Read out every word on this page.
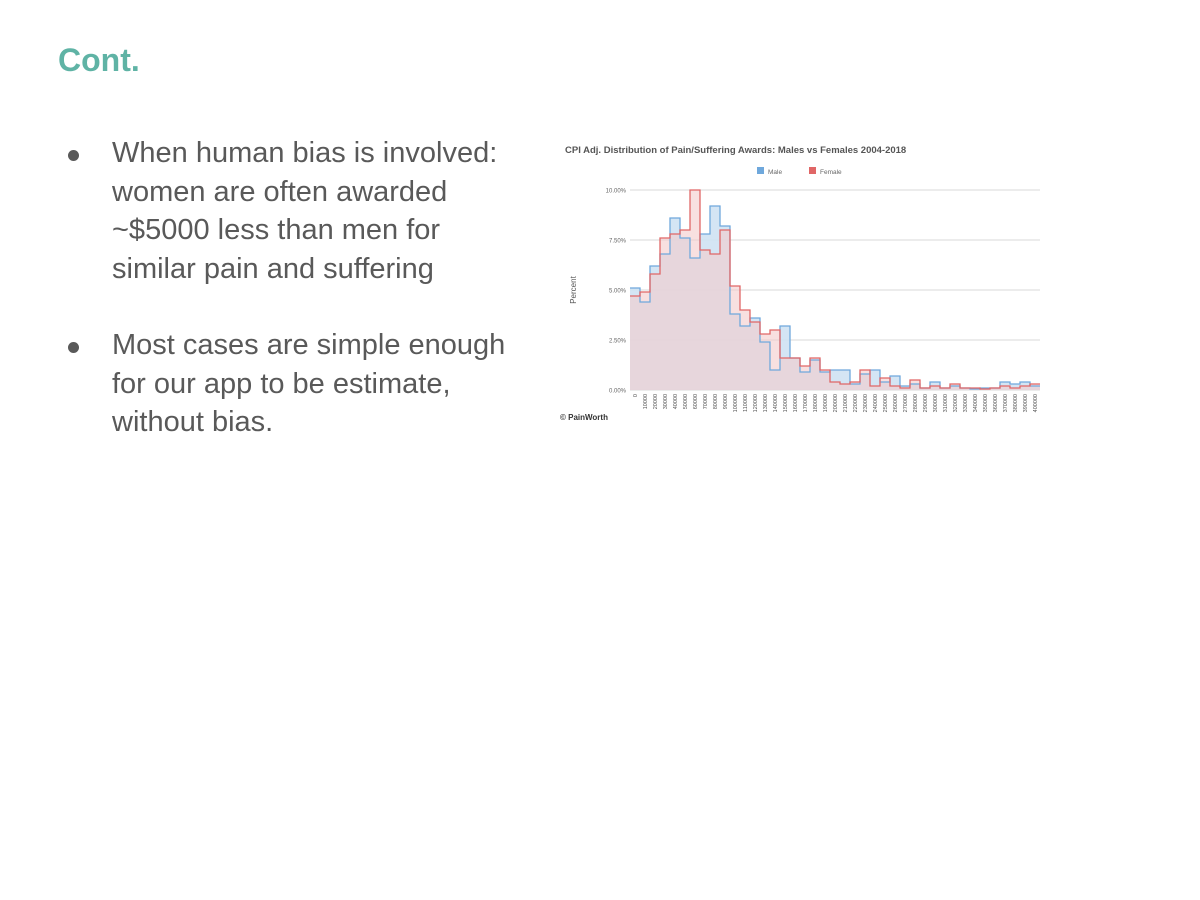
Cont.
When human bias is involved: women are often awarded ~$5000 less than men for similar pain and suffering
Most cases are simple enough for our app to be estimate, without bias.
CPI Adj. Distribution of Pain/Suffering Awards: Males vs Females 2004-2018
Male	Female
0.00%
2.50%
5.00%
7.50%
10.00%
Percent
0 10000 20000 30000 40000 50000 60000 70000 80000 90000 100000 110000 120000 130000 140000 150000 160000 170000 180000 190000 200000 210000 220000 230000 240000 250000 260000 270000 280000 290000 300000 310000 320000 330000 340000 350000 360000 370000 380000 390000 400000
© PainWorth
